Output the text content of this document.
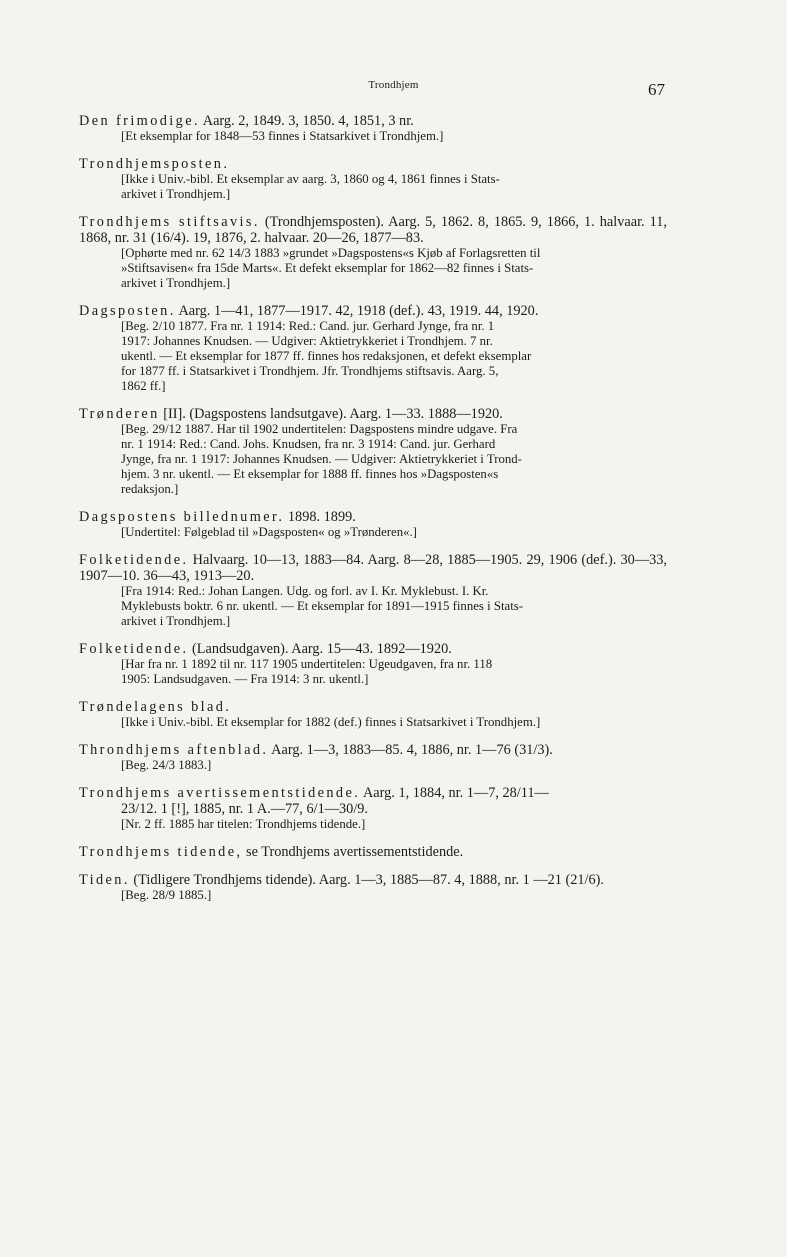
Trondhjem	67
Den frimodige. Aarg. 2, 1849. 3, 1850. 4, 1851, 3 nr.
[Et eksemplar for 1848—53 finnes i Statsarkivet i Trondhjem.]
Trondhjemsposten.
[Ikke i Univ.-bibl. Et eksemplar av aarg. 3, 1860 og 4, 1861 finnes i Stats-
arkivet i Trondhjem.]
Trondhjems stiftsavis. (Trondhjemsposten). Aarg. 5, 1862. 8, 1865. 9, 1866, 1. halvaar. 11, 1868, nr. 31 (16/4). 19, 1876, 2. halvaar. 20—26, 1877—83.
[Ophørte med nr. 62 14/3 1883 »grundet »Dagspostens«s Kjøb af Forlagsretten til
»Stiftsavisen« fra 15de Marts«. Et defekt eksemplar for 1862—82 finnes i Stats-
arkivet i Trondhjem.]
Dagsposten. Aarg. 1—41, 1877—1917. 42, 1918 (def.). 43, 1919. 44, 1920.
[Beg. 2/10 1877. Fra nr. 1 1914: Red.: Cand. jur. Gerhard Jynge, fra nr. 1
1917: Johannes Knudsen. — Udgiver: Aktietrykkeriet i Trondhjem. 7 nr.
ukentl. — Et eksemplar for 1877 ff. finnes hos redaksjonen, et defekt eksemplar
for 1877 ff. i Statsarkivet i Trondhjem. Jfr. Trondhjems stiftsavis. Aarg. 5,
1862 ff.]
Trønderen [II]. (Dagspostens landsutgave). Aarg. 1—33. 1888—1920.
[Beg. 29/12 1887. Har til 1902 undertitelen: Dagspostens mindre udgave. Fra
nr. 1 1914: Red.: Cand. Johs. Knudsen, fra nr. 3 1914: Cand. jur. Gerhard
Jynge, fra nr. 1 1917: Johannes Knudsen. — Udgiver: Aktietrykkeriet i Trond-
hjem. 3 nr. ukentl. — Et eksemplar for 1888 ff. finnes hos »Dagsposten«s
redaksjon.]
Dagspostens billednumer. 1898. 1899.
[Undertitel: Følgeblad til »Dagsposten« og »Trønderen«.]
Folketidende. Halvaarg. 10—13, 1883—84. Aarg. 8—28, 1885—1905. 29, 1906 (def.). 30—33, 1907—10. 36—43, 1913—20.
[Fra 1914: Red.: Johan Langen. Udg. og forl. av I. Kr. Myklebust. I. Kr.
Myklebusts boktr. 6 nr. ukentl. — Et eksemplar for 1891—1915 finnes i Stats-
arkivet i Trondhjem.]
Folketidende. (Landsudgaven). Aarg. 15—43. 1892—1920.
[Har fra nr. 1 1892 til nr. 117 1905 undertitelen: Ugeudgaven, fra nr. 118
1905: Landsudgaven. — Fra 1914: 3 nr. ukentl.]
Trøndelagens blad.
[Ikke i Univ.-bibl. Et eksemplar for 1882 (def.) finnes i Statsarkivet i Trondhjem.]
Throndhjems aftenblad. Aarg. 1—3, 1883—85. 4, 1886, nr. 1—76 (31/3).
[Beg. 24/3 1883.]
Trondhjems avertissementstidende. Aarg. 1, 1884, nr. 1—7, 28/11—
23/12. 1 [!], 1885, nr. 1 A.—77, 6/1—30/9.
[Nr. 2 ff. 1885 har titelen: Trondhjems tidende.]
Trondhjems tidende, se Trondhjems avertissementstidende.
Tiden. (Tidligere Trondhjems tidende). Aarg. 1—3, 1885—87. 4, 1888, nr. 1 —21 (21/6).
[Beg. 28/9 1885.]
